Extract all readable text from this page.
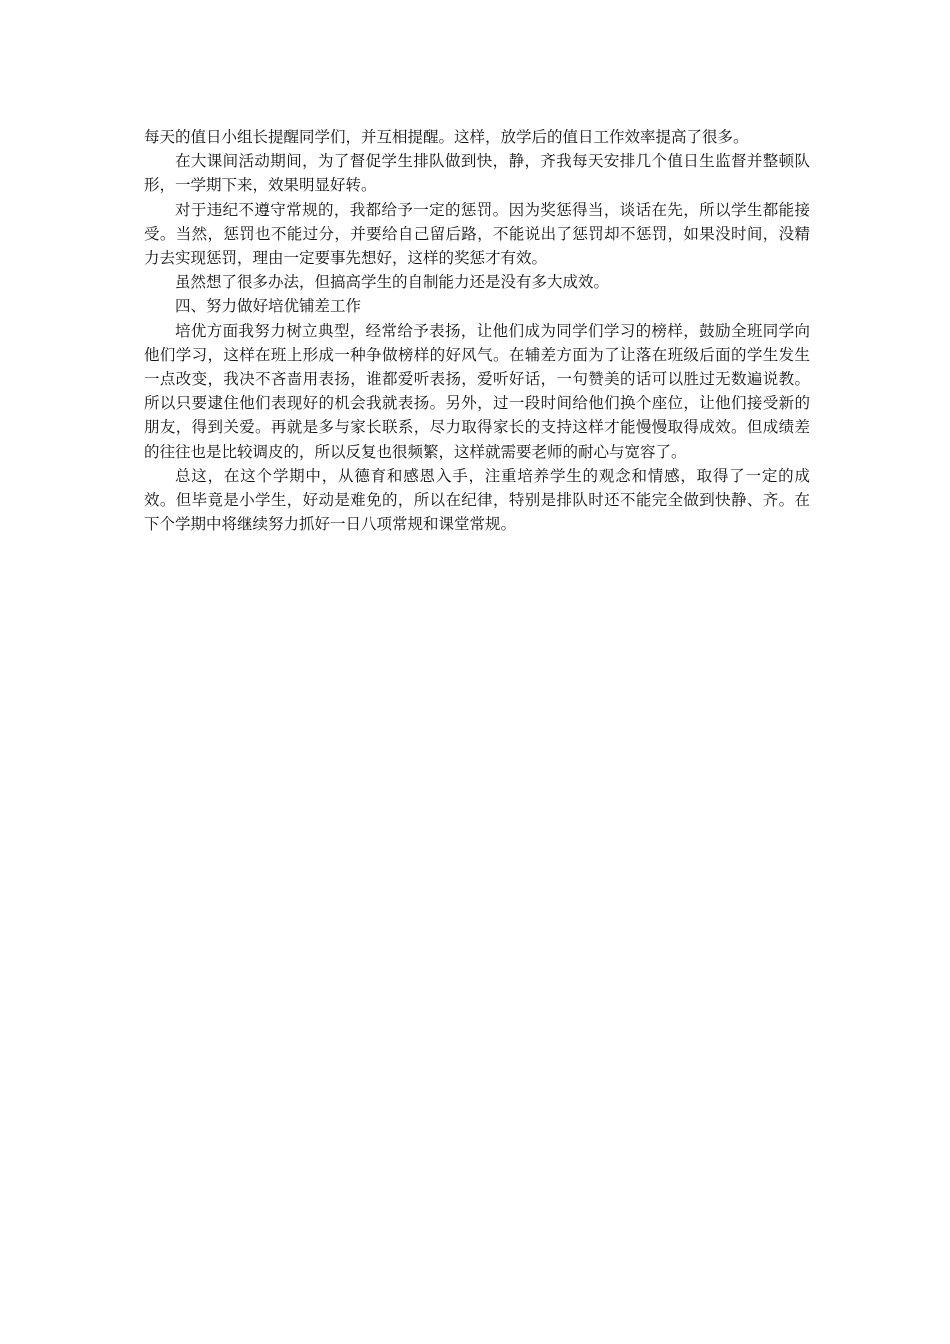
每天的值日小组长提醒同学们，并互相提醒。这样，放学后的值日工作效率提高了很多。

在大课间活动期间，为了督促学生排队做到快，静，齐我每天安排几个值日生监督并整顿队形，一学期下来，效果明显好转。

对于违纪不遵守常规的，我都给予一定的惩罚。因为奖惩得当，谈话在先，所以学生都能接受。当然，惩罚也不能过分，并要给自己留后路，不能说出了惩罚却不惩罚，如果没时间，没精力去实现惩罚，理由一定要事先想好，这样的奖惩才有效。

虽然想了很多办法，但搞高学生的自制能力还是没有多大成效。

四、努力做好培优铺差工作

培优方面我努力树立典型，经常给予表扬，让他们成为同学们学习的榜样，鼓励全班同学向他们学习，这样在班上形成一种争做榜样的好风气。在辅差方面为了让落在班级后面的学生发生一点改变，我决不吝啬用表扬，谁都爱听表扬，爱听好话，一句赞美的话可以胜过无数遍说教。所以只要逮住他们表现好的机会我就表扬。另外，过一段时间给他们换个座位，让他们接受新的朋友，得到关爱。再就是多与家长联系，尽力取得家长的支持这样才能慢慢取得成效。但成绩差的往往也是比较调皮的，所以反复也很频繁，这样就需要老师的耐心与宽容了。

总这，在这个学期中，从德育和感恩入手，注重培养学生的观念和情感，取得了一定的成效。但毕竟是小学生，好动是难免的，所以在纪律，特别是排队时还不能完全做到快静、齐。在下个学期中将继续努力抓好一日八项常规和课堂常规。
